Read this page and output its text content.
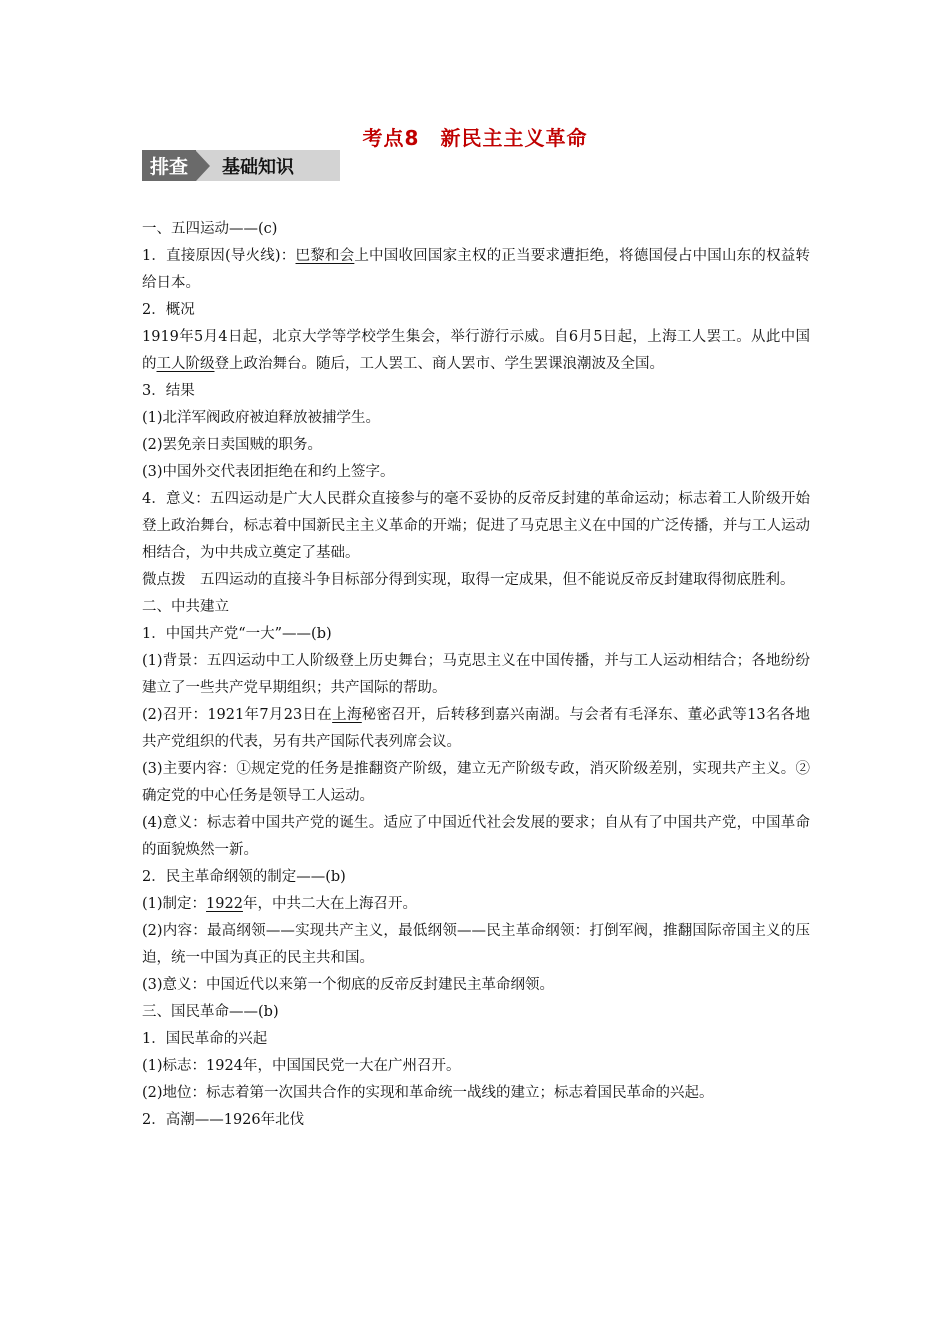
考点8　新民主主义革命
排查	基础知识

一、五四运动——(c)

1．直接原因(导火线)：巴黎和会上中国收回国家主权的正当要求遭拒绝，将德国侵占中国山东的权益转给日本。

2．概况

1919年5月4日起，北京大学等学校学生集会，举行游行示威。自6月5日起，上海工人罢工。从此中国的工人阶级登上政治舞台。随后，工人罢工、商人罢市、学生罢课浪潮波及全国。

3．结果

(1)北洋军阀政府被迫释放被捕学生。

(2)罢免亲日卖国贼的职务。

(3)中国外交代表团拒绝在和约上签字。

4．意义：五四运动是广大人民群众直接参与的毫不妥协的反帝反封建的革命运动；标志着工人阶级开始登上政治舞台，标志着中国新民主主义革命的开端；促进了马克思主义在中国的广泛传播，并与工人运动相结合，为中共成立奠定了基础。

微点拨　五四运动的直接斗争目标部分得到实现，取得一定成果，但不能说反帝反封建取得彻底胜利。

二、中共建立

1．中国共产党“一大”——(b)

(1)背景：五四运动中工人阶级登上历史舞台；马克思主义在中国传播，并与工人运动相结合；各地纷纷建立了一些共产党早期组织；共产国际的帮助。

(2)召开：1921年7月23日在上海秘密召开，后转移到嘉兴南湖。与会者有毛泽东、董必武等13名各地共产党组织的代表，另有共产国际代表列席会议。

(3)主要内容：①规定党的任务是推翻资产阶级，建立无产阶级专政，消灭阶级差别，实现共产主义。②确定党的中心任务是领导工人运动。

(4)意义：标志着中国共产党的诞生。适应了中国近代社会发展的要求；自从有了中国共产党，中国革命的面貌焕然一新。

2．民主革命纲领的制定——(b)

(1)制定：1922年，中共二大在上海召开。

(2)内容：最高纲领——实现共产主义，最低纲领——民主革命纲领：打倒军阀，推翻国际帝国主义的压迫，统一中国为真正的民主共和国。

(3)意义：中国近代以来第一个彻底的反帝反封建民主革命纲领。

三、国民革命——(b)

1．国民革命的兴起

(1)标志：1924年，中国国民党一大在广州召开。

(2)地位：标志着第一次国共合作的实现和革命统一战线的建立；标志着国民革命的兴起。

2．高潮——1926年北伐
